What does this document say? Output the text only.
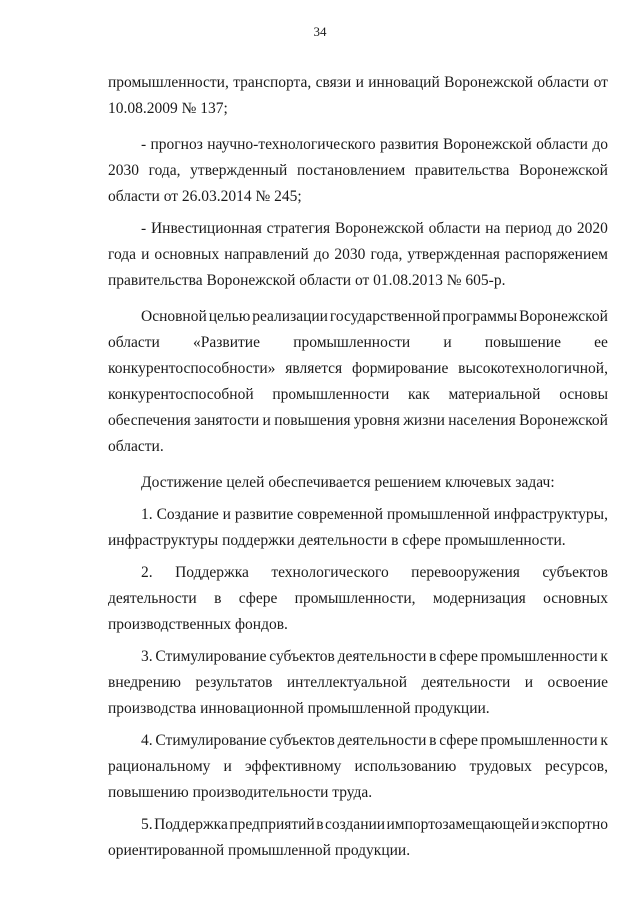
34
промышленности, транспорта, связи и инноваций Воронежской области от
10.08.2009 № 137;
- прогноз научно-технологического развития Воронежской области до
2030 года, утвержденный постановлением правительства Воронежской
области от 26.03.2014 № 245;
- Инвестиционная стратегия Воронежской области на период до 2020
года и основных направлений до 2030 года, утвержденная распоряжением
правительства Воронежской области от 01.08.2013 № 605-р.
Основной целью реализации государственной программы Воронежской
области «Развитие промышленности и повышение ее
конкурентоспособности» является формирование высокотехнологичной,
конкурентоспособной промышленности как материальной основы
обеспечения занятости и повышения уровня жизни населения Воронежской
области.
Достижение целей обеспечивается решением ключевых задач:
1. Создание и развитие современной промышленной инфраструктуры,
инфраструктуры поддержки деятельности в сфере промышленности.
2. Поддержка технологического перевооружения субъектов
деятельности в сфере промышленности, модернизация основных
производственных фондов.
3. Стимулирование субъектов деятельности в сфере промышленности к
внедрению результатов интеллектуальной деятельности и освоение
производства инновационной промышленной продукции.
4. Стимулирование субъектов деятельности в сфере промышленности к
рациональному и эффективному использованию трудовых ресурсов,
повышению производительности труда.
5. Поддержка предприятий в создании импортозамещающей и экспортно
ориентированной промышленной продукции.
